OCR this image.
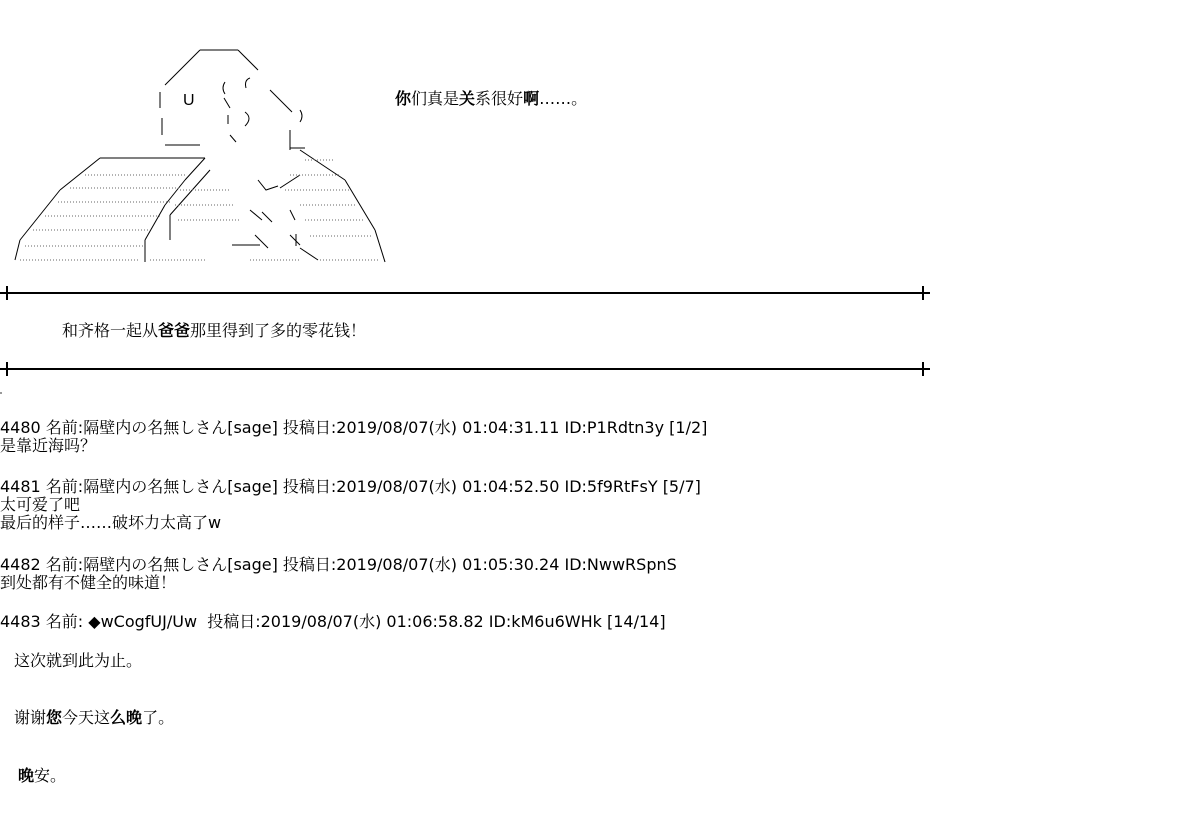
U	你们真是关系很好啊……。
和齐格一起从爸爸那里得到了多的零花钱！
4480 名前:隔壁内の名無しさん[sage] 投稿日:2019/08/07(水) 01:04:31.11 ID:P1Rdtn3y [1/2]
是靠近海吗？
4481 名前:隔壁内の名無しさん[sage] 投稿日:2019/08/07(水) 01:04:52.50 ID:5f9RtFsY [5/7]
太可爱了吧
最后的样子……破坏力太高了w
4482 名前:隔壁内の名無しさん[sage] 投稿日:2019/08/07(水) 01:05:30.24 ID:NwwRSpnS
到处都有不健全的味道！
4483 名前: ◆wCogfUJ/Uw  投稿日:2019/08/07(水) 01:06:58.82 ID:kM6u6WHk [14/14]
这次就到此为止。
谢谢您今天这么晚了。
晚安。
